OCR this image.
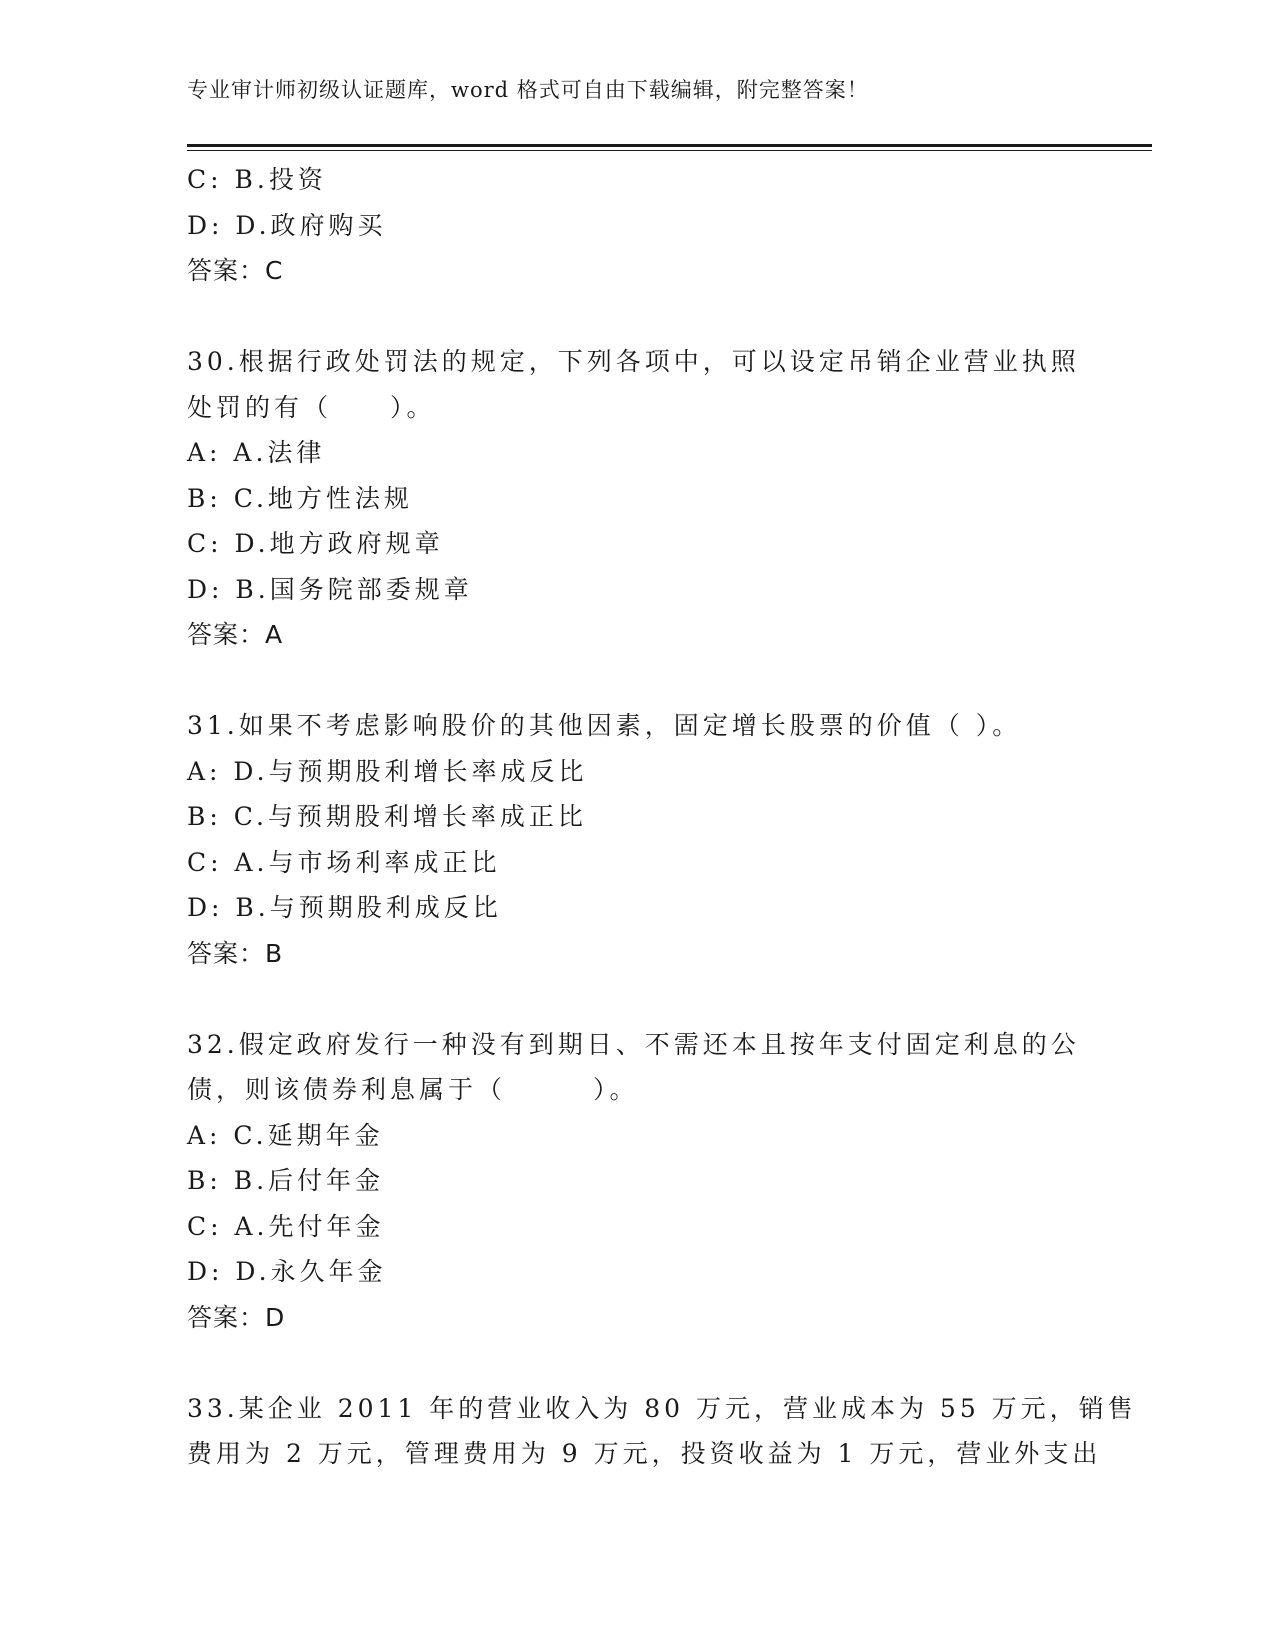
专业审计师初级认证题库，word 格式可自由下载编辑，附完整答案！
C: B.投资
D: D.政府购买
答案：C
30.根据行政处罚法的规定，下列各项中，可以设定吊销企业营业执照
处罚的有（　　）。
A: A.法律
B: C.地方性法规
C: D.地方政府规章
D: B.国务院部委规章
答案：A
31.如果不考虑影响股价的其他因素，固定增长股票的价值（ ）。
A: D.与预期股利增长率成反比
B: C.与预期股利增长率成正比
C: A.与市场利率成正比
D: B.与预期股利成反比
答案：B
32.假定政府发行一种没有到期日、不需还本且按年支付固定利息的公
债，则该债券利息属于（　　　）。
A: C.延期年金
B: B.后付年金
C: A.先付年金
D: D.永久年金
答案：D
33.某企业 2011 年的营业收入为 80 万元，营业成本为 55 万元，销售
费用为 2 万元，管理费用为 9 万元，投资收益为 1 万元，营业外支出
